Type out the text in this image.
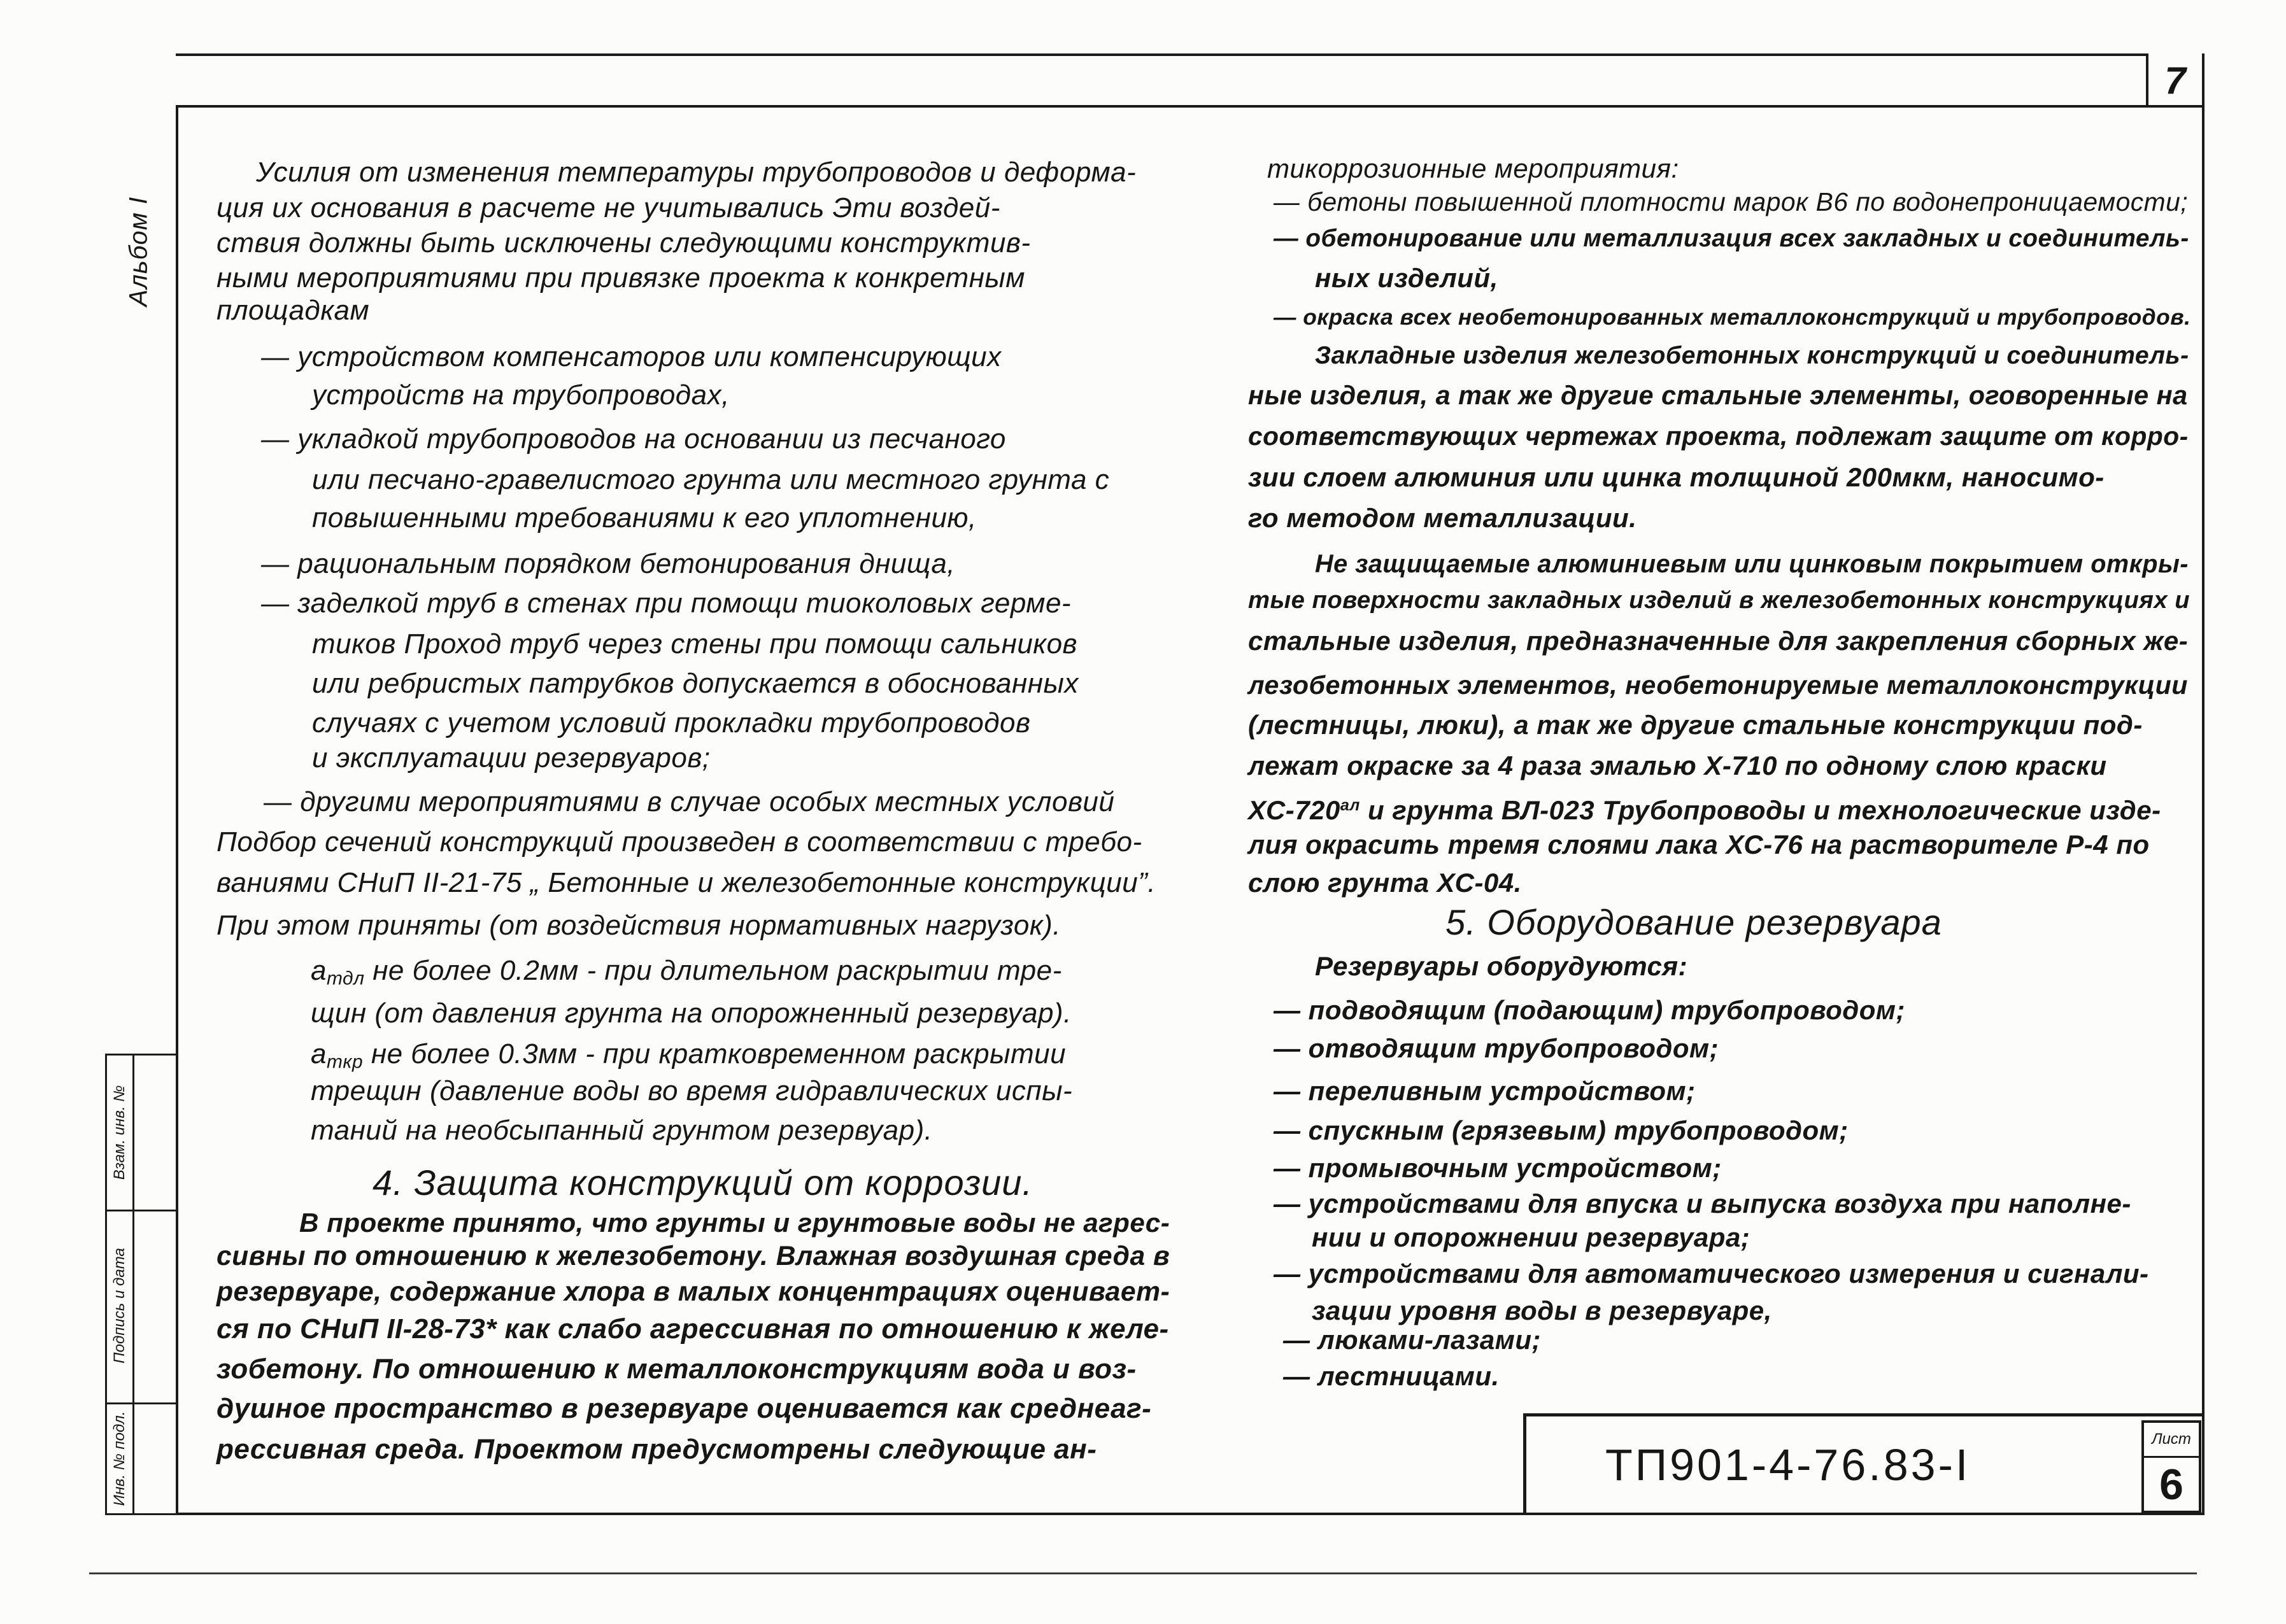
7
Альбом I
Взам. инв. №
Подпись и дата
Инв. № подл.
Усилия от изменения температуры трубопроводов и деформа-
ция их основания в расчете не учитывались Эти воздей-
ствия должны быть исключены следующими конструктив-
ными мероприятиями при привязке проекта к конкретным
площадкам
— устройством компенсаторов или компенсирующих
устройств на трубопроводах,
— укладкой трубопроводов на основании из песчаного
или песчано-гравелистого грунта или местного грунта с
повышенными требованиями к его уплотнению,
— рациональным порядком бетонирования днища,
— заделкой труб в стенах при помощи тиоколовых герме-
тиков Проход труб через стены при помощи сальников
или ребристых патрубков допускается в обоснованных
случаях с учетом условий прокладки трубопроводов
и эксплуатации резервуаров;
— другими мероприятиями в случае особых местных условий
Подбор сечений конструкций произведен в соответствии с требо-
ваниями СНиП II-21-75 „ Бетонные и железобетонные конструкции”.
При этом приняты (от воздействия нормативных нагрузок).
$a_{тдл}$ не более 0.2мм - при длительном раскрытии тре-
щин (от давления грунта на опорожненный резервуар).
$a_{ткр}$ не более 0.3мм - при кратковременном раскрытии
трещин (давление воды во время гидравлических испы-
таний на необсыпанный грунтом резервуар).
4. Защита конструкций от коррозии.
В проекте принято, что грунты и грунтовые воды не агрес-
сивны по отношению к железобетону. Влажная воздушная среда в
резервуаре, содержание хлора в малых концентрациях оценивает-
ся по СНиП II-28-73* как слабо агрессивная по отношению к желе-
зобетону. По отношению к металлоконструкциям вода и воз-
душное пространство в резервуаре оценивается как среднеаг-
рессивная среда. Проектом предусмотрены следующие ан-
тикоррозионные мероприятия:
— бетоны повышенной плотности марок В6 по водонепроницаемости;
— обетонирование или металлизация всех закладных и соединитель-
ных изделий,
— окраска всех необетонированных металлоконструкций и трубопроводов.
Закладные изделия железобетонных конструкций и соединитель-
ные изделия, а так же другие стальные элементы, оговоренные на
соответствующих чертежах проекта, подлежат защите от корро-
зии слоем алюминия или цинка толщиной 200мкм, наносимо-
го методом металлизации.
Не защищаемые алюминиевым или цинковым покрытием откры-
тые поверхности закладных изделий в железобетонных конструкциях и
стальные изделия, предназначенные для закрепления сборных же-
лезобетонных элементов, необетонируемые металлоконструкции
(лестницы, люки), а так же другие стальные конструкции под-
лежат окраске за 4 раза эмалью Х-710 по одному слою краски
$ХС-720^{ал}$ и грунта ВЛ-023 Трубопроводы и технологические изде-
лия окрасить тремя слоями лака ХС-76 на растворителе Р-4 по
слою грунта ХС-04.
5. Оборудование резервуара
Резервуары оборудуются:
— подводящим (подающим) трубопроводом;
— отводящим трубопроводом;
— переливным устройством;
— спускным (грязевым) трубопроводом;
— промывочным устройством;
— устройствами для впуска и выпуска воздуха при наполне-
нии и опорожнении резервуара;
— устройствами для автоматического измерения и сигнали-
зации уровня воды в резервуаре,
— люками-лазами;
— лестницами.
ТП901-4-76.83-I
Лист
6
